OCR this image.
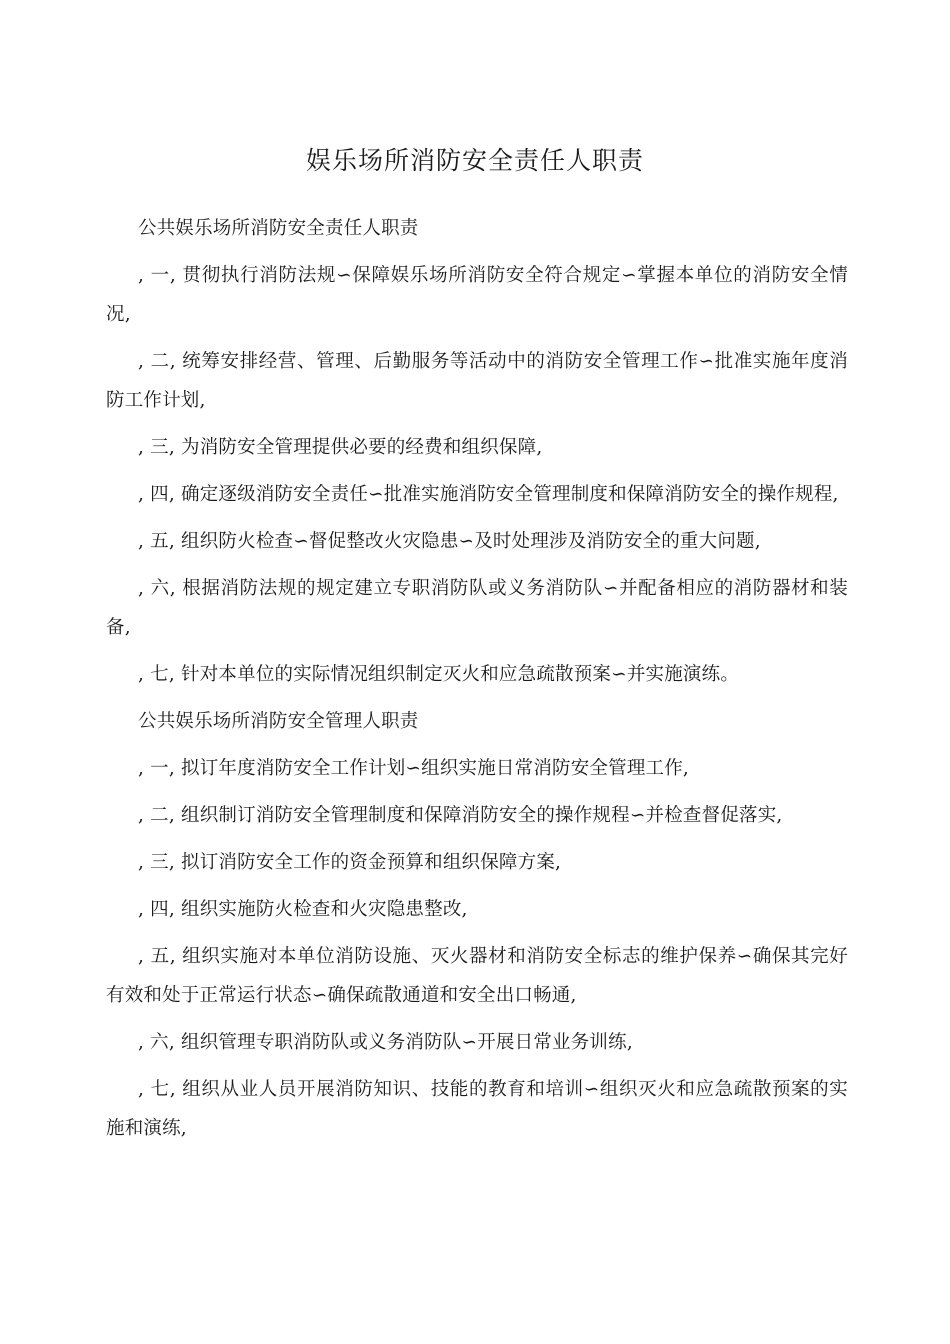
娱乐场所消防安全责任人职责

公共娱乐场所消防安全责任人职责

, 一, 贯彻执行消防法规∽保障娱乐场所消防安全符合规定∽掌握本单位的消防安全情况,

, 二, 统筹安排经营、管理、后勤服务等活动中的消防安全管理工作∽批准实施年度消防工作计划,

, 三, 为消防安全管理提供必要的经费和组织保障,

, 四, 确定逐级消防安全责任∽批准实施消防安全管理制度和保障消防安全的操作规程,

, 五, 组织防火检查∽督促整改火灾隐患∽及时处理涉及消防安全的重大问题,

, 六, 根据消防法规的规定建立专职消防队或义务消防队∽并配备相应的消防器材和装备,

, 七, 针对本单位的实际情况组织制定灭火和应急疏散预案∽并实施演练。

公共娱乐场所消防安全管理人职责

, 一, 拟订年度消防安全工作计划∽组织实施日常消防安全管理工作,

, 二, 组织制订消防安全管理制度和保障消防安全的操作规程∽并检查督促落实,

, 三, 拟订消防安全工作的资金预算和组织保障方案,

, 四, 组织实施防火检查和火灾隐患整改,

, 五, 组织实施对本单位消防设施、灭火器材和消防安全标志的维护保养∽确保其完好有效和处于正常运行状态∽确保疏散通道和安全出口畅通,

, 六, 组织管理专职消防队或义务消防队∽开展日常业务训练,

, 七, 组织从业人员开展消防知识、技能的教育和培训∽组织灭火和应急疏散预案的实施和演练,
